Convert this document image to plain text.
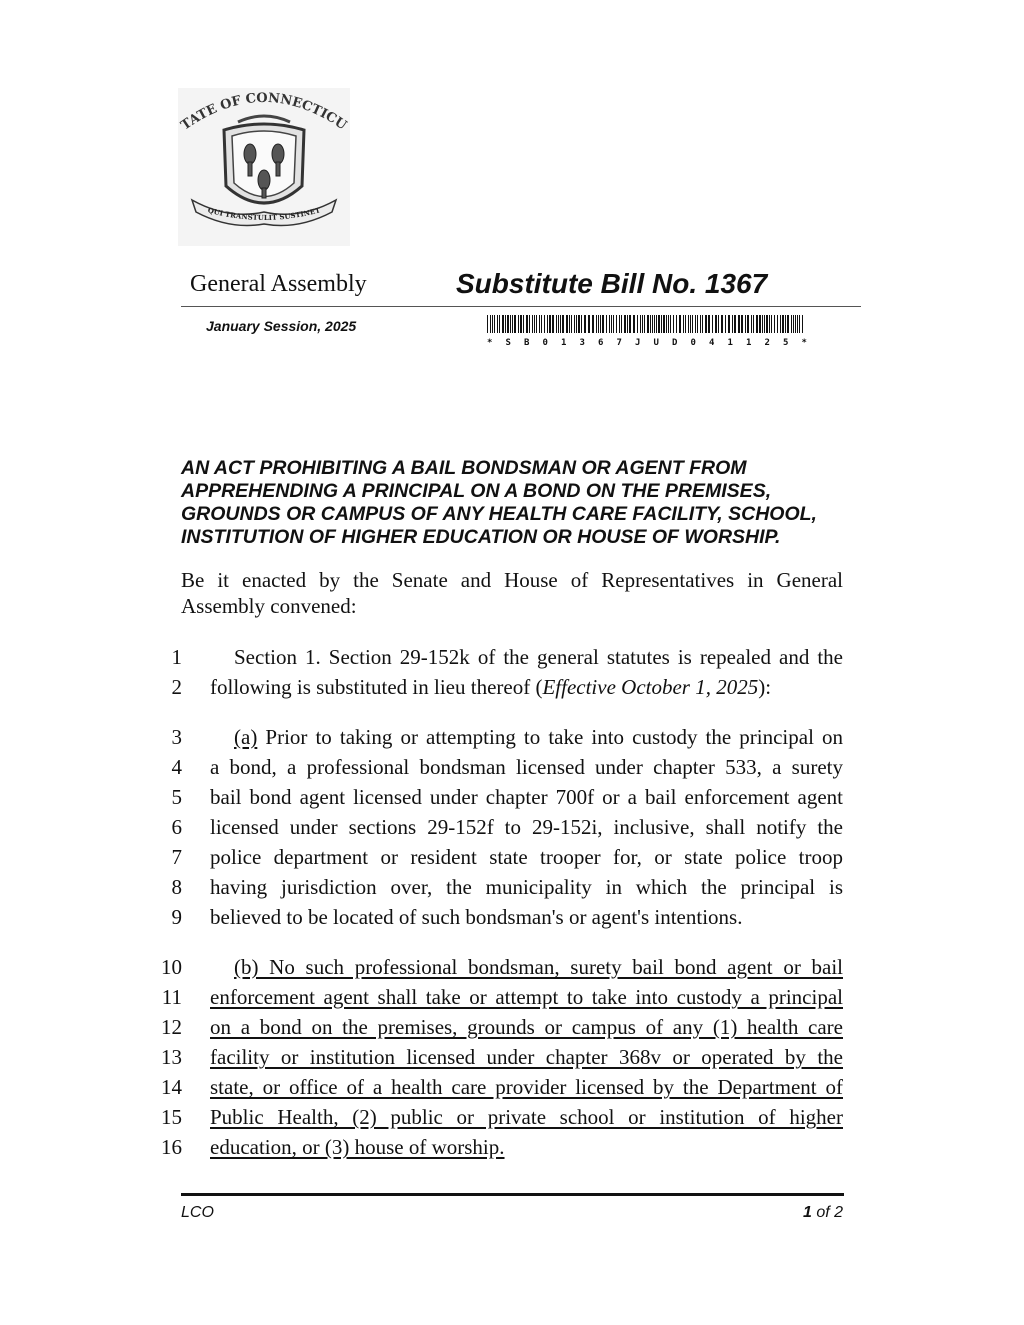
TATE OF CONNECTICU
QUI TRANSTULIT SUSTINET
General Assembly	Substitute Bill No. 1367
January Session, 2025
* S B 0 1 3 6 7 J U D 0 4 1 1 2 5 *
AN ACT PROHIBITING A BAIL BONDSMAN OR AGENT FROM
APPREHENDING A PRINCIPAL ON A BOND ON THE PREMISES,
GROUNDS OR CAMPUS OF ANY HEALTH CARE FACILITY, SCHOOL,
INSTITUTION OF HIGHER EDUCATION OR HOUSE OF WORSHIP.
Be it enacted by the Senate and House of Representatives in General Assembly convened:
1	Section 1. Section 29-152k of the general statutes is repealed and the
2 following is substituted in lieu thereof (Effective October 1, 2025):
3	(a) Prior to taking or attempting to take into custody the principal on
4 a bond, a professional bondsman licensed under chapter 533, a surety
5 bail bond agent licensed under chapter 700f or a bail enforcement agent
6 licensed under sections 29-152f to 29-152i, inclusive, shall notify the
7 police department or resident state trooper for, or state police troop
8 having jurisdiction over, the municipality in which the principal is
9 believed to be located of such bondsman's or agent's intentions.
10	(b) No such professional bondsman, surety bail bond agent or bail
11 enforcement agent shall take or attempt to take into custody a principal
12 on a bond on the premises, grounds or campus of any (1) health care
13 facility or institution licensed under chapter 368v or operated by the
14 state, or office of a health care provider licensed by the Department of
15 Public Health, (2) public or private school or institution of higher
16 education, or (3) house of worship.
LCO	1 of 2
